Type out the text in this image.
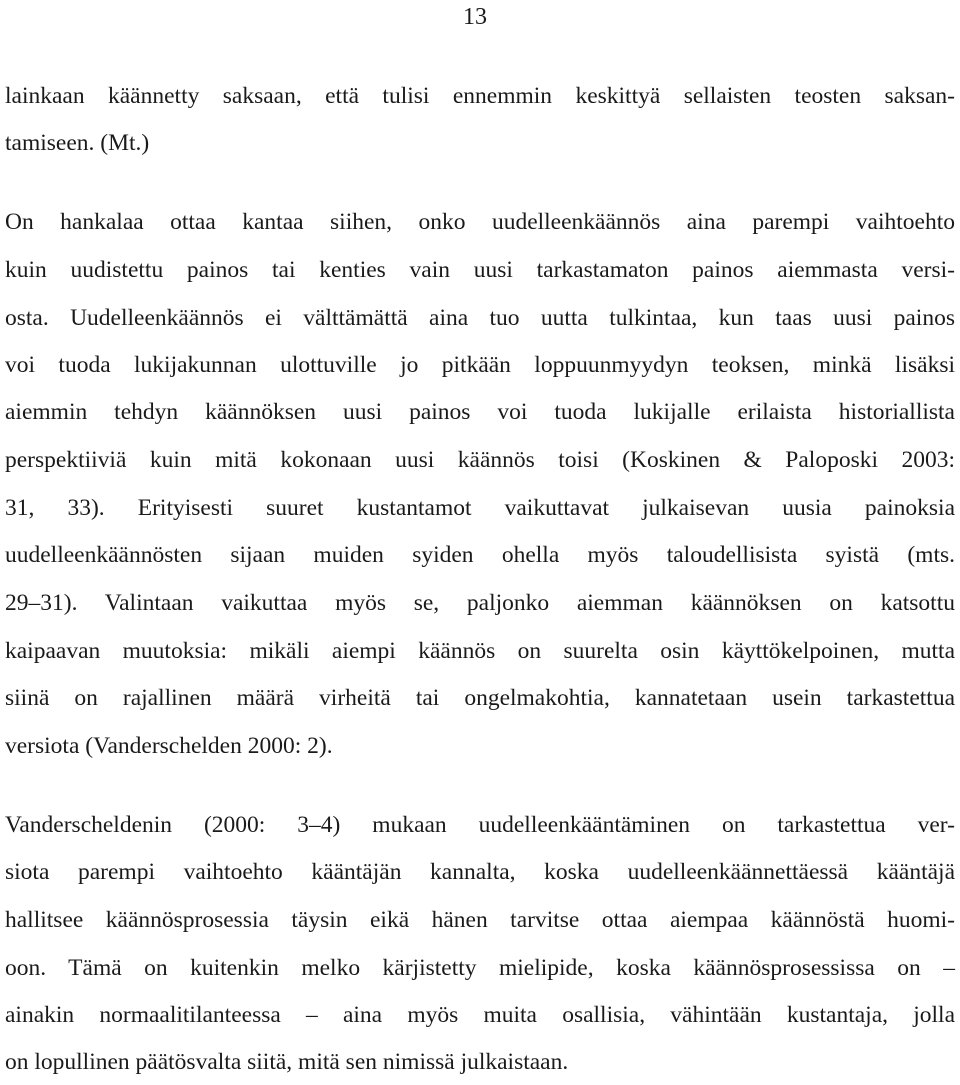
13
lainkaan käännetty saksaan, että tulisi ennemmin keskittyä sellaisten teosten saksan-
tamiseen. (Mt.)
On hankalaa ottaa kantaa siihen, onko uudelleenkäännös aina parempi vaihtoehto
kuin uudistettu painos tai kenties vain uusi tarkastamaton painos aiemmasta versi-
osta. Uudelleenkäännös ei välttämättä aina tuo uutta tulkintaa, kun taas uusi painos
voi tuoda lukijakunnan ulottuville jo pitkään loppuunmyydyn teoksen, minkä lisäksi
aiemmin tehdyn käännöksen uusi painos voi tuoda lukijalle erilaista historiallista
perspektiiviä kuin mitä kokonaan uusi käännös toisi (Koskinen & Paloposki 2003:
31, 33). Erityisesti suuret kustantamot vaikuttavat julkaisevan uusia painoksia
uudelleenkäännösten sijaan muiden syiden ohella myös taloudellisista syistä (mts.
29–31). Valintaan vaikuttaa myös se, paljonko aiemman käännöksen on katsottu
kaipaavan muutoksia: mikäli aiempi käännös on suurelta osin käyttökelpoinen, mutta
siinä on rajallinen määrä virheitä tai ongelmakohtia, kannatetaan usein tarkastettua
versiota (Vanderschelden 2000: 2).
Vanderscheldenin (2000: 3–4) mukaan uudelleenkääntäminen on tarkastettua ver-
siota parempi vaihtoehto kääntäjän kannalta, koska uudelleenkäännettäessä kääntäjä
hallitsee käännösprosessia täysin eikä hänen tarvitse ottaa aiempaa käännöstä huomi-
oon. Tämä on kuitenkin melko kärjistetty mielipide, koska käännösprosessissa on –
ainakin normaalitilanteessa – aina myös muita osallisia, vähintään kustantaja, jolla
on lopullinen päätösvalta siitä, mitä sen nimissä julkaistaan.
